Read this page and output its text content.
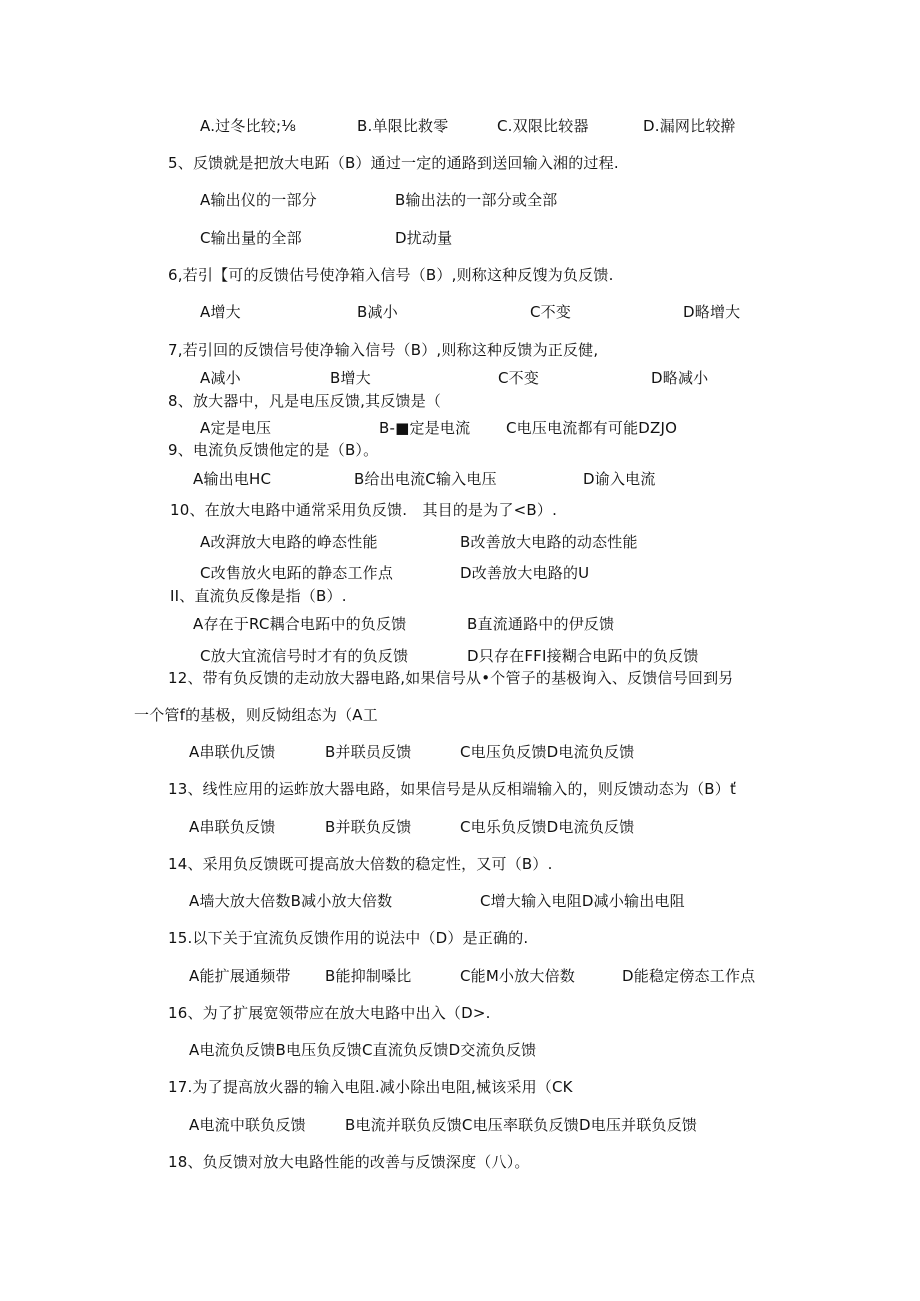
A.过冬比较;⅛	B.单限比救零	C.双限比较器	D.漏网比较擀
5、反馈就是把放大电跖（B）通过一定的通路到送回输入湘的过程.
A输出仪的一部分	B输出法的一部分或全部
C输出量的全部	D扰动量
6,若引【可的反馈估号使净箱入信号（B）,则称这种反馊为负反馈.
A增大	B减小	C不变	D略增大
7,若引回的反馈信号使净输入信号（B）,则称这种反馈为正反健,
A减小	B增大	C不变	D略减小
8、放大器中，凡是电压反馈,其反馈是（
A定是电压	B-■定是电流 C电压电流都有可能DZJO
9、电流负反馈他定的是（B）。
A输出电HC	B给出电流C输入电压	D谕入电流
10、在放大电路中通常采用负反馈.　其目的是为了<B）.
A改湃放大电路的峥态性能	B改善放大电路的动态性能
C改售放火电跖的静态工作点	D改善放大电路的U
II、直流负反像是指（B）.
A存在于RC耦合电跖中的负反馈	B直流通路中的伊反馈
C放大宜流信号时才有的负反馈	D只存在FFI接糊合电跖中的负反馈
12、带有负反馈的走动放大器电路,如果信号从•个管子的基极询入、反馈信号回到另
一个管f的基极，则反恸组态为（A工
A串联仇反馈	B并联员反馈	C电压负反馈D电流负反馈
13、线性应用的运蚱放大器电路，如果信号是从反相端输入的，则反馈动态为（B）ť
A串联负反馈	B并联负反馈	C电乐负反馈D电流负反馈
14、采用负反馈既可提高放大倍数的稳定性，又可（B）.
A墙大放大倍数B减小放大倍数	C增大输入电阻D减小输出电阻
15.以下关于宜流负反馈作用的说法中（D）是正确的.
A能扩展通频带 B能抑制嗓比	C能M小放大倍数	D能稳定傍态工作点
16、为了扩展宽领带应在放大电路中出入（D>.
A电流负反馈B电压负反馈C直流负反馈D交流负反馈
17.为了提高放火器的输入电阻.减小除出电阻,械该采用（CK
A电流中联负反馈	B电流并联负反馈C电压率联负反馈D电压并联负反馈
18、负反馈对放大电路性能的改善与反馈深度（八）。
